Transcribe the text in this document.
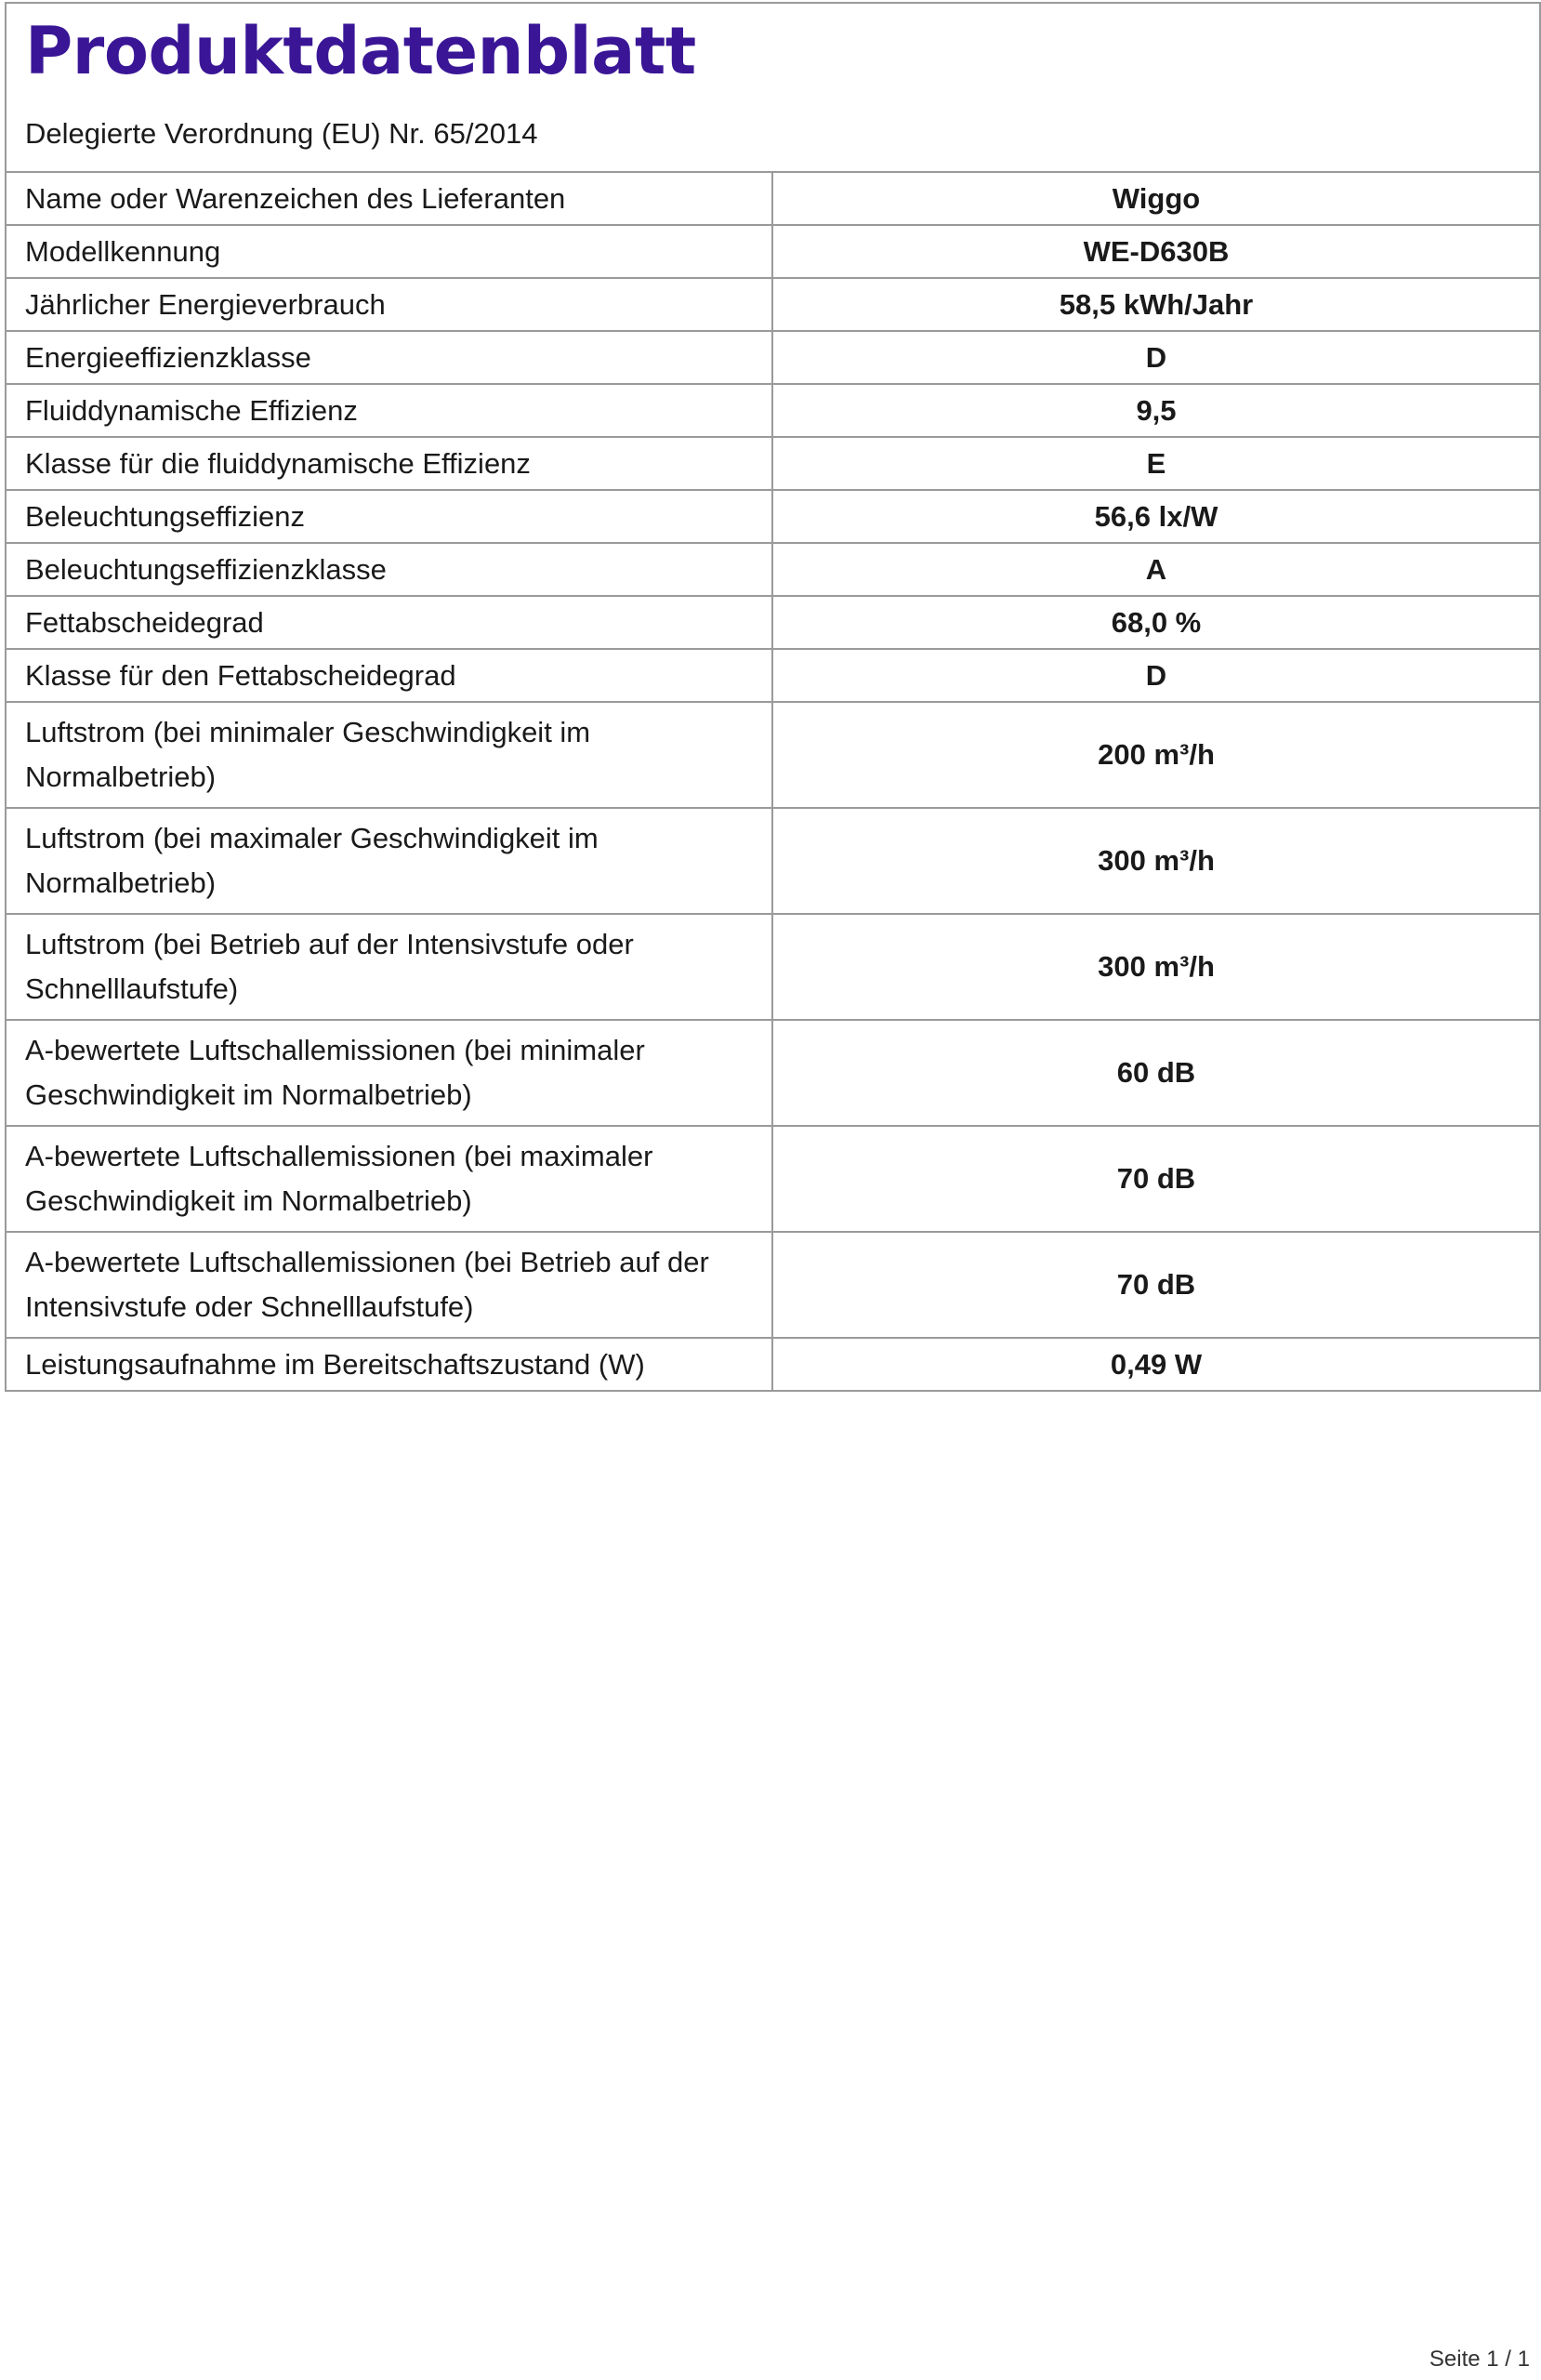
Produktdatenblatt
Delegierte Verordnung (EU) Nr. 65/2014
Name oder Warenzeichen des Lieferanten	Wiggo
Modellkennung	WE-D630B
Jährlicher Energieverbrauch	58,5 kWh/Jahr
Energieeffizienzklasse	D
Fluiddynamische Effizienz	9,5
Klasse für die fluiddynamische Effizienz	E
Beleuchtungseffizienz	56,6 lx/W
Beleuchtungseffizienzklasse	A
Fettabscheidegrad	68,0 %
Klasse für den Fettabscheidegrad	D
Luftstrom (bei minimaler Geschwindigkeit im Normalbetrieb)	200 m³/h
Luftstrom (bei maximaler Geschwindigkeit im Normalbetrieb)	300 m³/h
Luftstrom (bei Betrieb auf der Intensivstufe oder Schnelllaufstufe)	300 m³/h
A-bewertete Luftschallemissionen (bei minimaler Geschwindigkeit im Normalbetrieb)	60 dB
A-bewertete Luftschallemissionen (bei maximaler Geschwindigkeit im Normalbetrieb)	70 dB
A-bewertete Luftschallemissionen (bei Betrieb auf der Intensivstufe oder Schnelllaufstufe)	70 dB
Leistungsaufnahme im Bereitschaftszustand (W)	0,49 W
Seite 1 / 1
